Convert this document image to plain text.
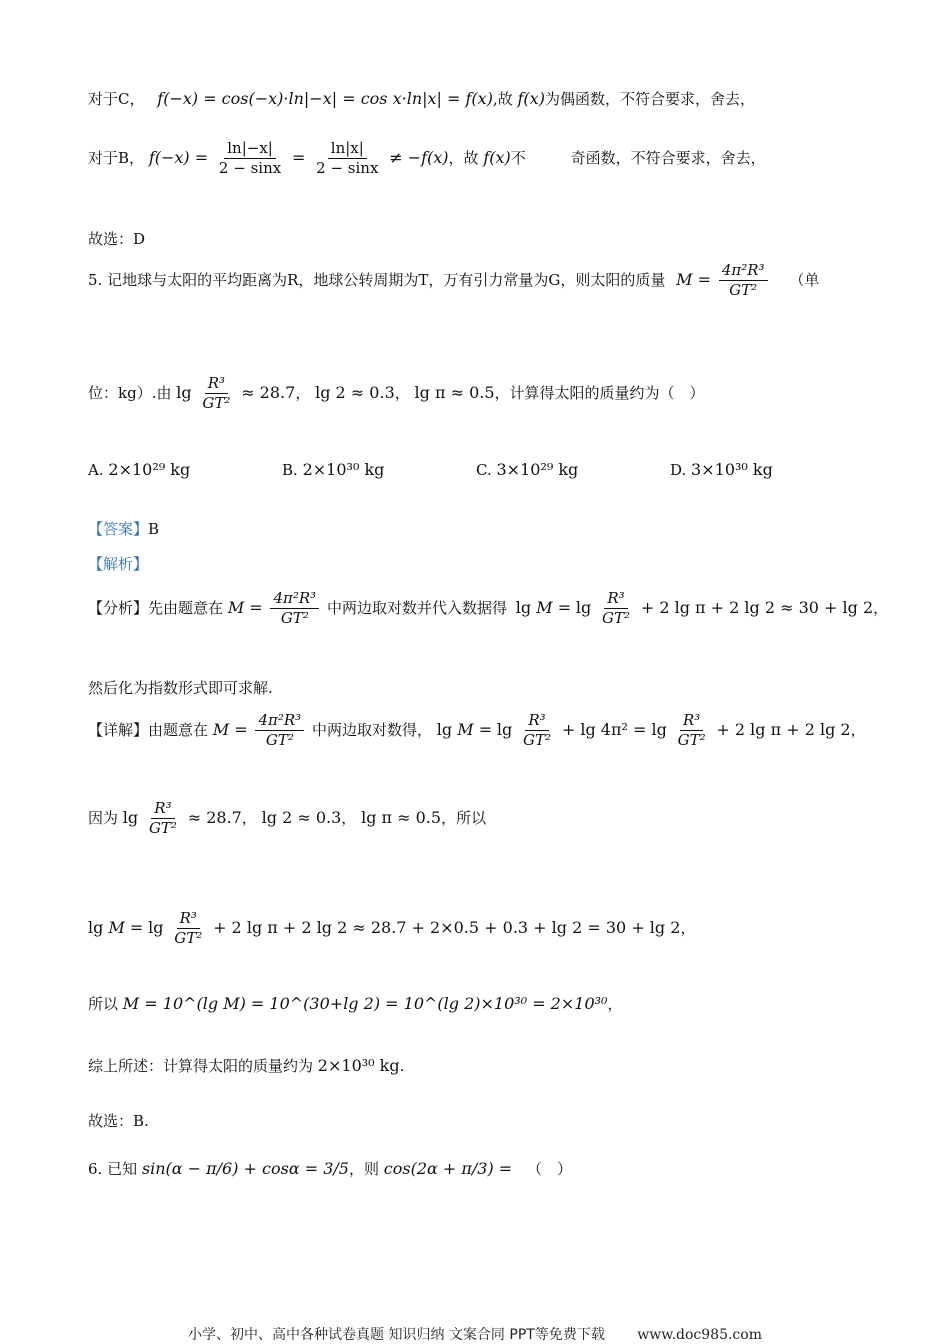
对于C， f(−x) = cos(−x)·ln|−x| = cos x·ln|x| = f(x),故 f(x)为偶函数，不符合要求，舍去，
对于B， $f(-x) = \frac{\ln|-x|}{2 - \sin x} = \frac{\ln|x|}{2 - \sin x} \ne -f(x)$，故 f(x)不	奇函数，不符合要求，舍去，
故选：D
5. 记地球与太阳的平均距离为R，地球公转周期为T，万有引力常量为G，则太阳的质量 $M = \frac{\text{4π²R³}}{\text{GT²}}$ （单
位：kg）.由 $\lg \frac{\text{R³}}{\text{GT²}} \approx 28.7$， lg 2 ≈ 0.3， lg π ≈ 0.5，计算得太阳的质量约为（　）
A. 2×10²⁹ kg	B. 2×10³⁰ kg	C. 3×10²⁹ kg	D. 3×10³⁰ kg
【答案】B
【解析】
【分析】先由题意在 $M = \frac{\text{4π²R³}}{\text{GT²}}$ 中两边取对数并代入数据得 $\lg M = \lg \frac{\text{R³}}{\text{GT²}} + 2$ lg π + 2 lg 2 ≈ 30 + lg 2，
然后化为指数形式即可求解.
【详解】由题意在 $M = \frac{\text{4π²R³}}{\text{GT²}}$ 中两边取对数得， $\lg M = \lg \frac{\text{R³}}{\text{GT²}} + \lg 4\pi^2 = \lg \frac{\text{R³}}{\text{GT²}} + 2$ lg π + 2 lg 2，
因为 $\lg \frac{\text{R³}}{\text{GT²}} \approx 28.7$， lg 2 ≈ 0.3， lg π ≈ 0.5，所以
$\lg M = \lg \frac{\text{R³}}{\text{GT²}} + 2$ lg π + 2 lg 2 ≈ 28.7 + 2×0.5 + 0.3 + lg 2 = 30 + lg 2，
所以 M = 10^(lg M) = 10^(30+lg 2) = 10^(lg 2)×10³⁰ = 2×10³⁰，
综上所述：计算得太阳的质量约为 2×10³⁰ kg.
故选：B.
6. 已知 sin(α − π/6) + cosα = 3/5，则 cos(2α + π/3) = （　）
小学、初中、高中各种试卷真题 知识归纳 文案合同 PPT等免费下载 www.doc985.com
